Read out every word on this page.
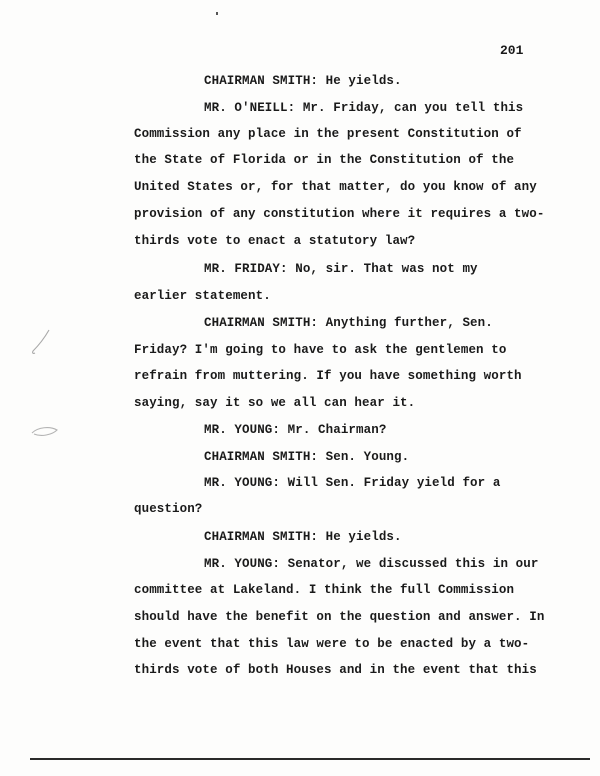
201
CHAIRMAN SMITH: He yields.
MR. O'NEILL: Mr. Friday, can you tell this
Commission any place in the present Constitution of
the State of Florida or in the Constitution of the
United States or, for that matter, do you know of any
provision of any constitution where it requires a two-
thirds vote to enact a statutory law?
MR. FRIDAY: No, sir. That was not my
earlier statement.
CHAIRMAN SMITH: Anything further, Sen.
Friday? I'm going to have to ask the gentlemen to
refrain from muttering. If you have something worth
saying, say it so we all can hear it.
MR. YOUNG: Mr. Chairman?
CHAIRMAN SMITH: Sen. Young.
MR. YOUNG: Will Sen. Friday yield for a
question?
CHAIRMAN SMITH: He yields.
MR. YOUNG: Senator, we discussed this in our
committee at Lakeland. I think the full Commission
should have the benefit on the question and answer. In
the event that this law were to be enacted by a two-
thirds vote of both Houses and in the event that this
